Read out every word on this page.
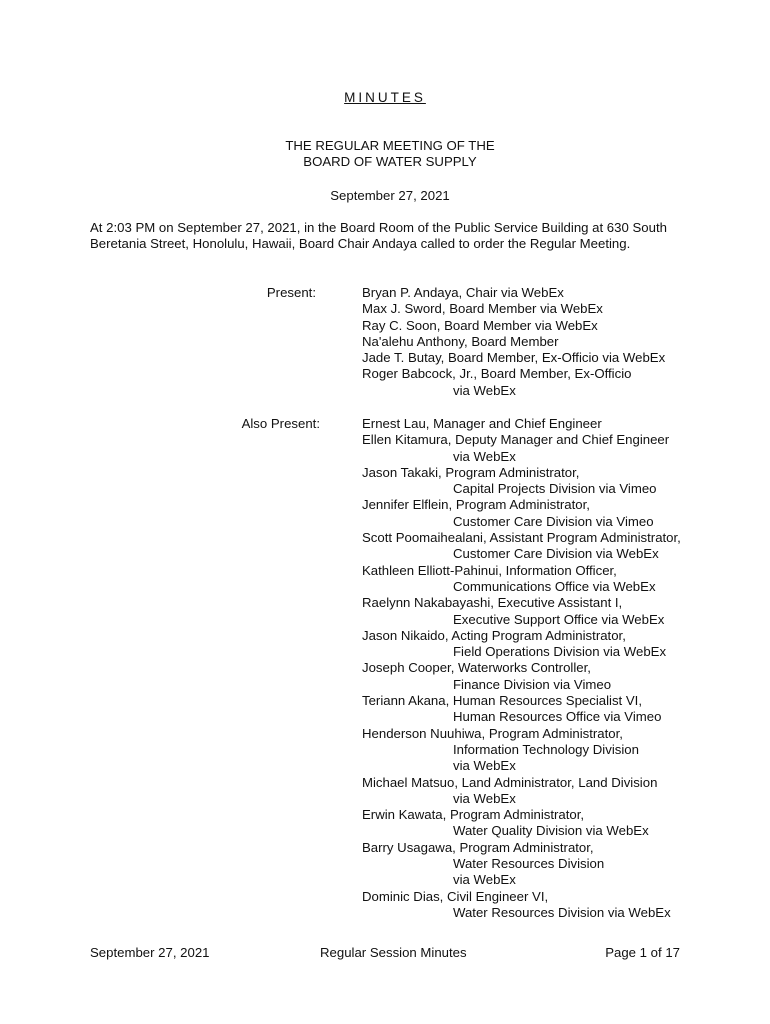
MINUTES
THE REGULAR MEETING OF THE
BOARD OF WATER SUPPLY
September 27, 2021
At 2:03 PM on September 27, 2021, in the Board Room of the Public Service Building at 630 South Beretania Street, Honolulu, Hawaii, Board Chair Andaya called to order the Regular Meeting.
Present:	Bryan P. Andaya, Chair via WebEx
Max J. Sword, Board Member via WebEx
Ray C. Soon, Board Member via WebEx
Na'alehu Anthony, Board Member
Jade T. Butay, Board Member, Ex-Officio via WebEx
Roger Babcock, Jr., Board Member, Ex-Officio
via WebEx
Also Present:	Ernest Lau, Manager and Chief Engineer
Ellen Kitamura, Deputy Manager and Chief Engineer
via WebEx
Jason Takaki, Program Administrator,
Capital Projects Division via Vimeo
Jennifer Elflein, Program Administrator,
Customer Care Division via Vimeo
Scott Poomaihealani, Assistant Program Administrator,
Customer Care Division via WebEx
Kathleen Elliott-Pahinui, Information Officer,
Communications Office via WebEx
Raelynn Nakabayashi, Executive Assistant I,
Executive Support Office via WebEx
Jason Nikaido, Acting Program Administrator,
Field Operations Division via WebEx
Joseph Cooper, Waterworks Controller,
Finance Division via Vimeo
Teriann Akana, Human Resources Specialist VI,
Human Resources Office via Vimeo
Henderson Nuuhiwa, Program Administrator,
Information Technology Division
via WebEx
Michael Matsuo, Land Administrator, Land Division
via WebEx
Erwin Kawata, Program Administrator,
Water Quality Division via WebEx
Barry Usagawa, Program Administrator,
Water Resources Division
via WebEx
Dominic Dias, Civil Engineer VI,
Water Resources Division via WebEx
September 27, 2021	Regular Session Minutes	Page 1 of 17
